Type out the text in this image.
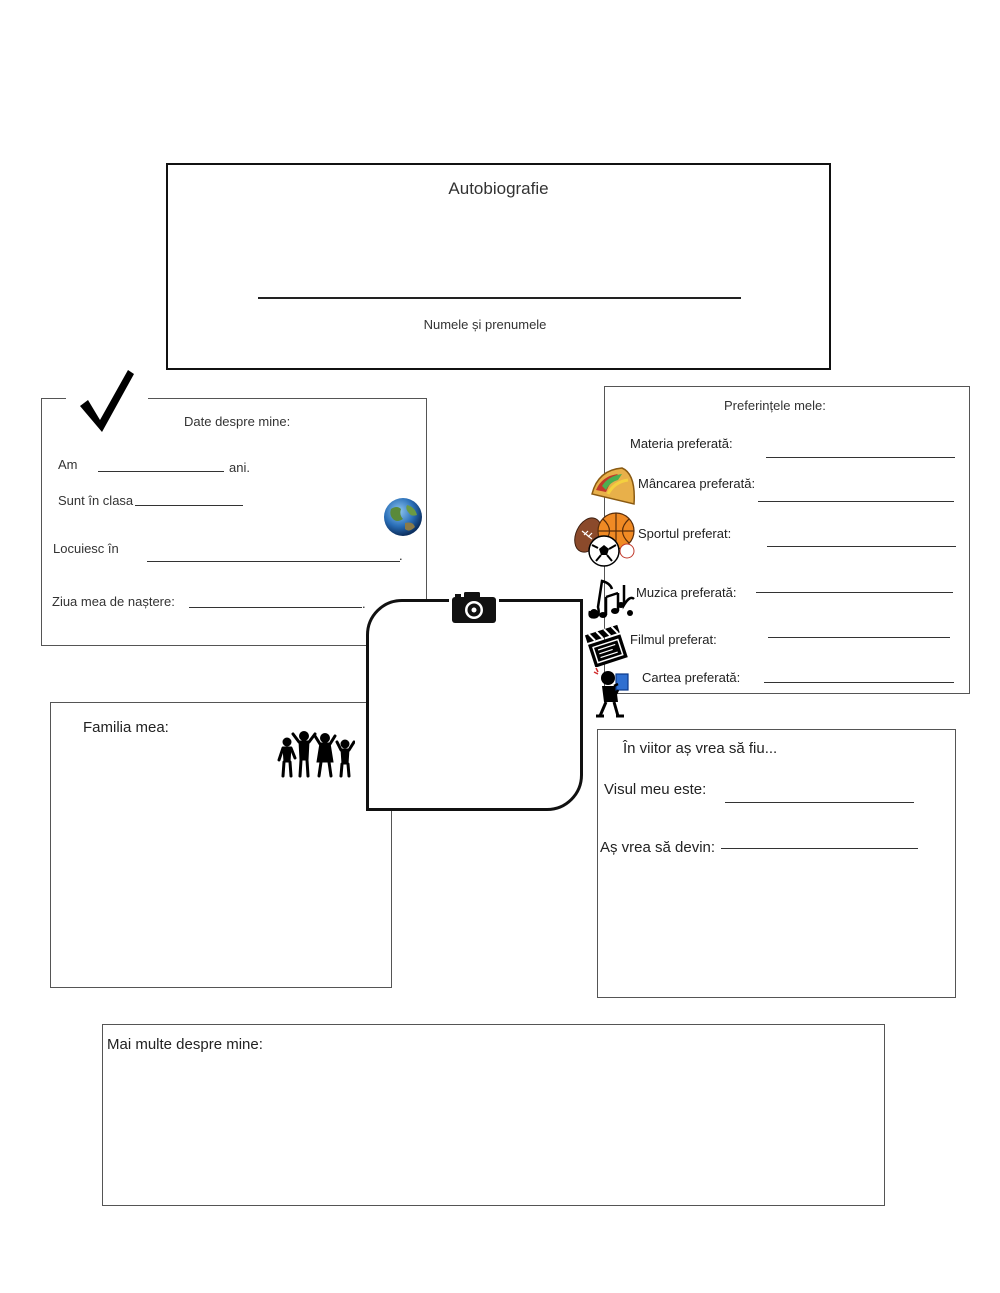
Autobiografie
Numele și prenumele
Date despre mine:
Am	ani.
Sunt în clasa
Locuiesc în	.
Ziua mea de naștere:	.
Preferințele mele:
Materia preferată:
Mâncarea preferată:
Sportul preferat:
Muzica preferată:
Filmul preferat:
Cartea preferată:
Familia mea:
În viitor aș vrea să fiu...
Visul meu este:
Aș vrea să devin:
Mai multe despre mine:
